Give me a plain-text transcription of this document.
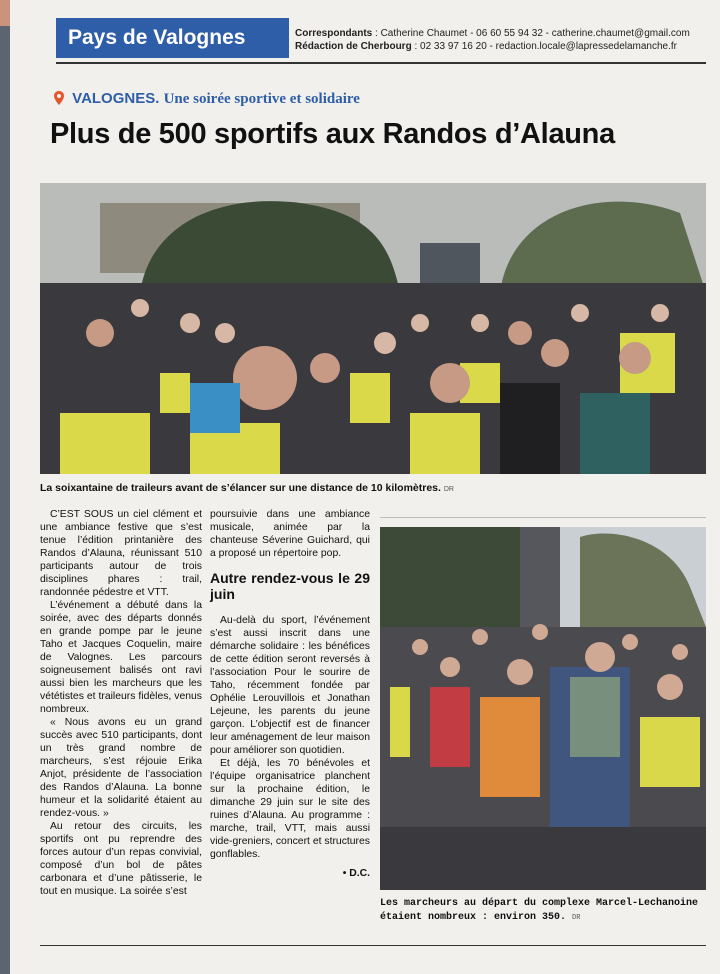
Pays de Valognes	Correspondants : Catherine Chaumet - 06 60 55 94 32 - catherine.chaumet@gmail.com
Rédaction de Cherbourg : 02 33 97 16 20 - redaction.locale@lapressedelamanche.fr
VALOGNES. Une soirée sportive et solidaire
Plus de 500 sportifs aux Randos d’Alauna
La soixantaine de traileurs avant de s’élancer sur une distance de 10 kilomètres. DR

C’EST SOUS un ciel clément et une ambiance festive que s’est tenue l’édition printanière des Randos d’Alauna, réunissant 510 participants autour de trois disciplines phares : trail, randonnée pédestre et VTT.

L’événement a débuté dans la soirée, avec des départs donnés en grande pompe par le jeune Taho et Jacques Coquelin, maire de Valognes. Les parcours soigneusement balisés ont ravi aussi bien les marcheurs que les vététistes et traileurs fidèles, venus nombreux.

« Nous avons eu un grand succès avec 510 participants, dont un très grand nombre de marcheurs, s’est réjouie Erika Anjot, présidente de l’association des Randos d’Alauna. La bonne humeur et la solidarité étaient au rendez-vous. »

Au retour des circuits, les sportifs ont pu reprendre des forces autour d’un repas convivial, composé d’un bol de pâtes carbonara et d’une pâtisserie, le tout en musique. La soirée s’est

poursuivie dans une ambiance musicale, animée par la chanteuse Séverine Guichard, qui a proposé un répertoire pop.

Autre rendez-vous le 29 juin

Au-delà du sport, l’événement s’est aussi inscrit dans une démarche solidaire : les bénéfices de cette édition seront reversés à l’association Pour le sourire de Taho, récemment fondée par Ophélie Lerouvillois et Jonathan Lejeune, les parents du jeune garçon. L’objectif est de financer leur aménagement de leur maison pour améliorer son quotidien.

Et déjà, les 70 bénévoles et l’équipe organisatrice planchent sur la prochaine édition, le dimanche 29 juin sur le site des ruines d’Alauna. Au programme : marche, trail, VTT, mais aussi vide-greniers, concert et structures gonflables.

• D.C.
Les marcheurs au départ du complexe Marcel-Lechanoine étaient nombreux : environ 350. DR
